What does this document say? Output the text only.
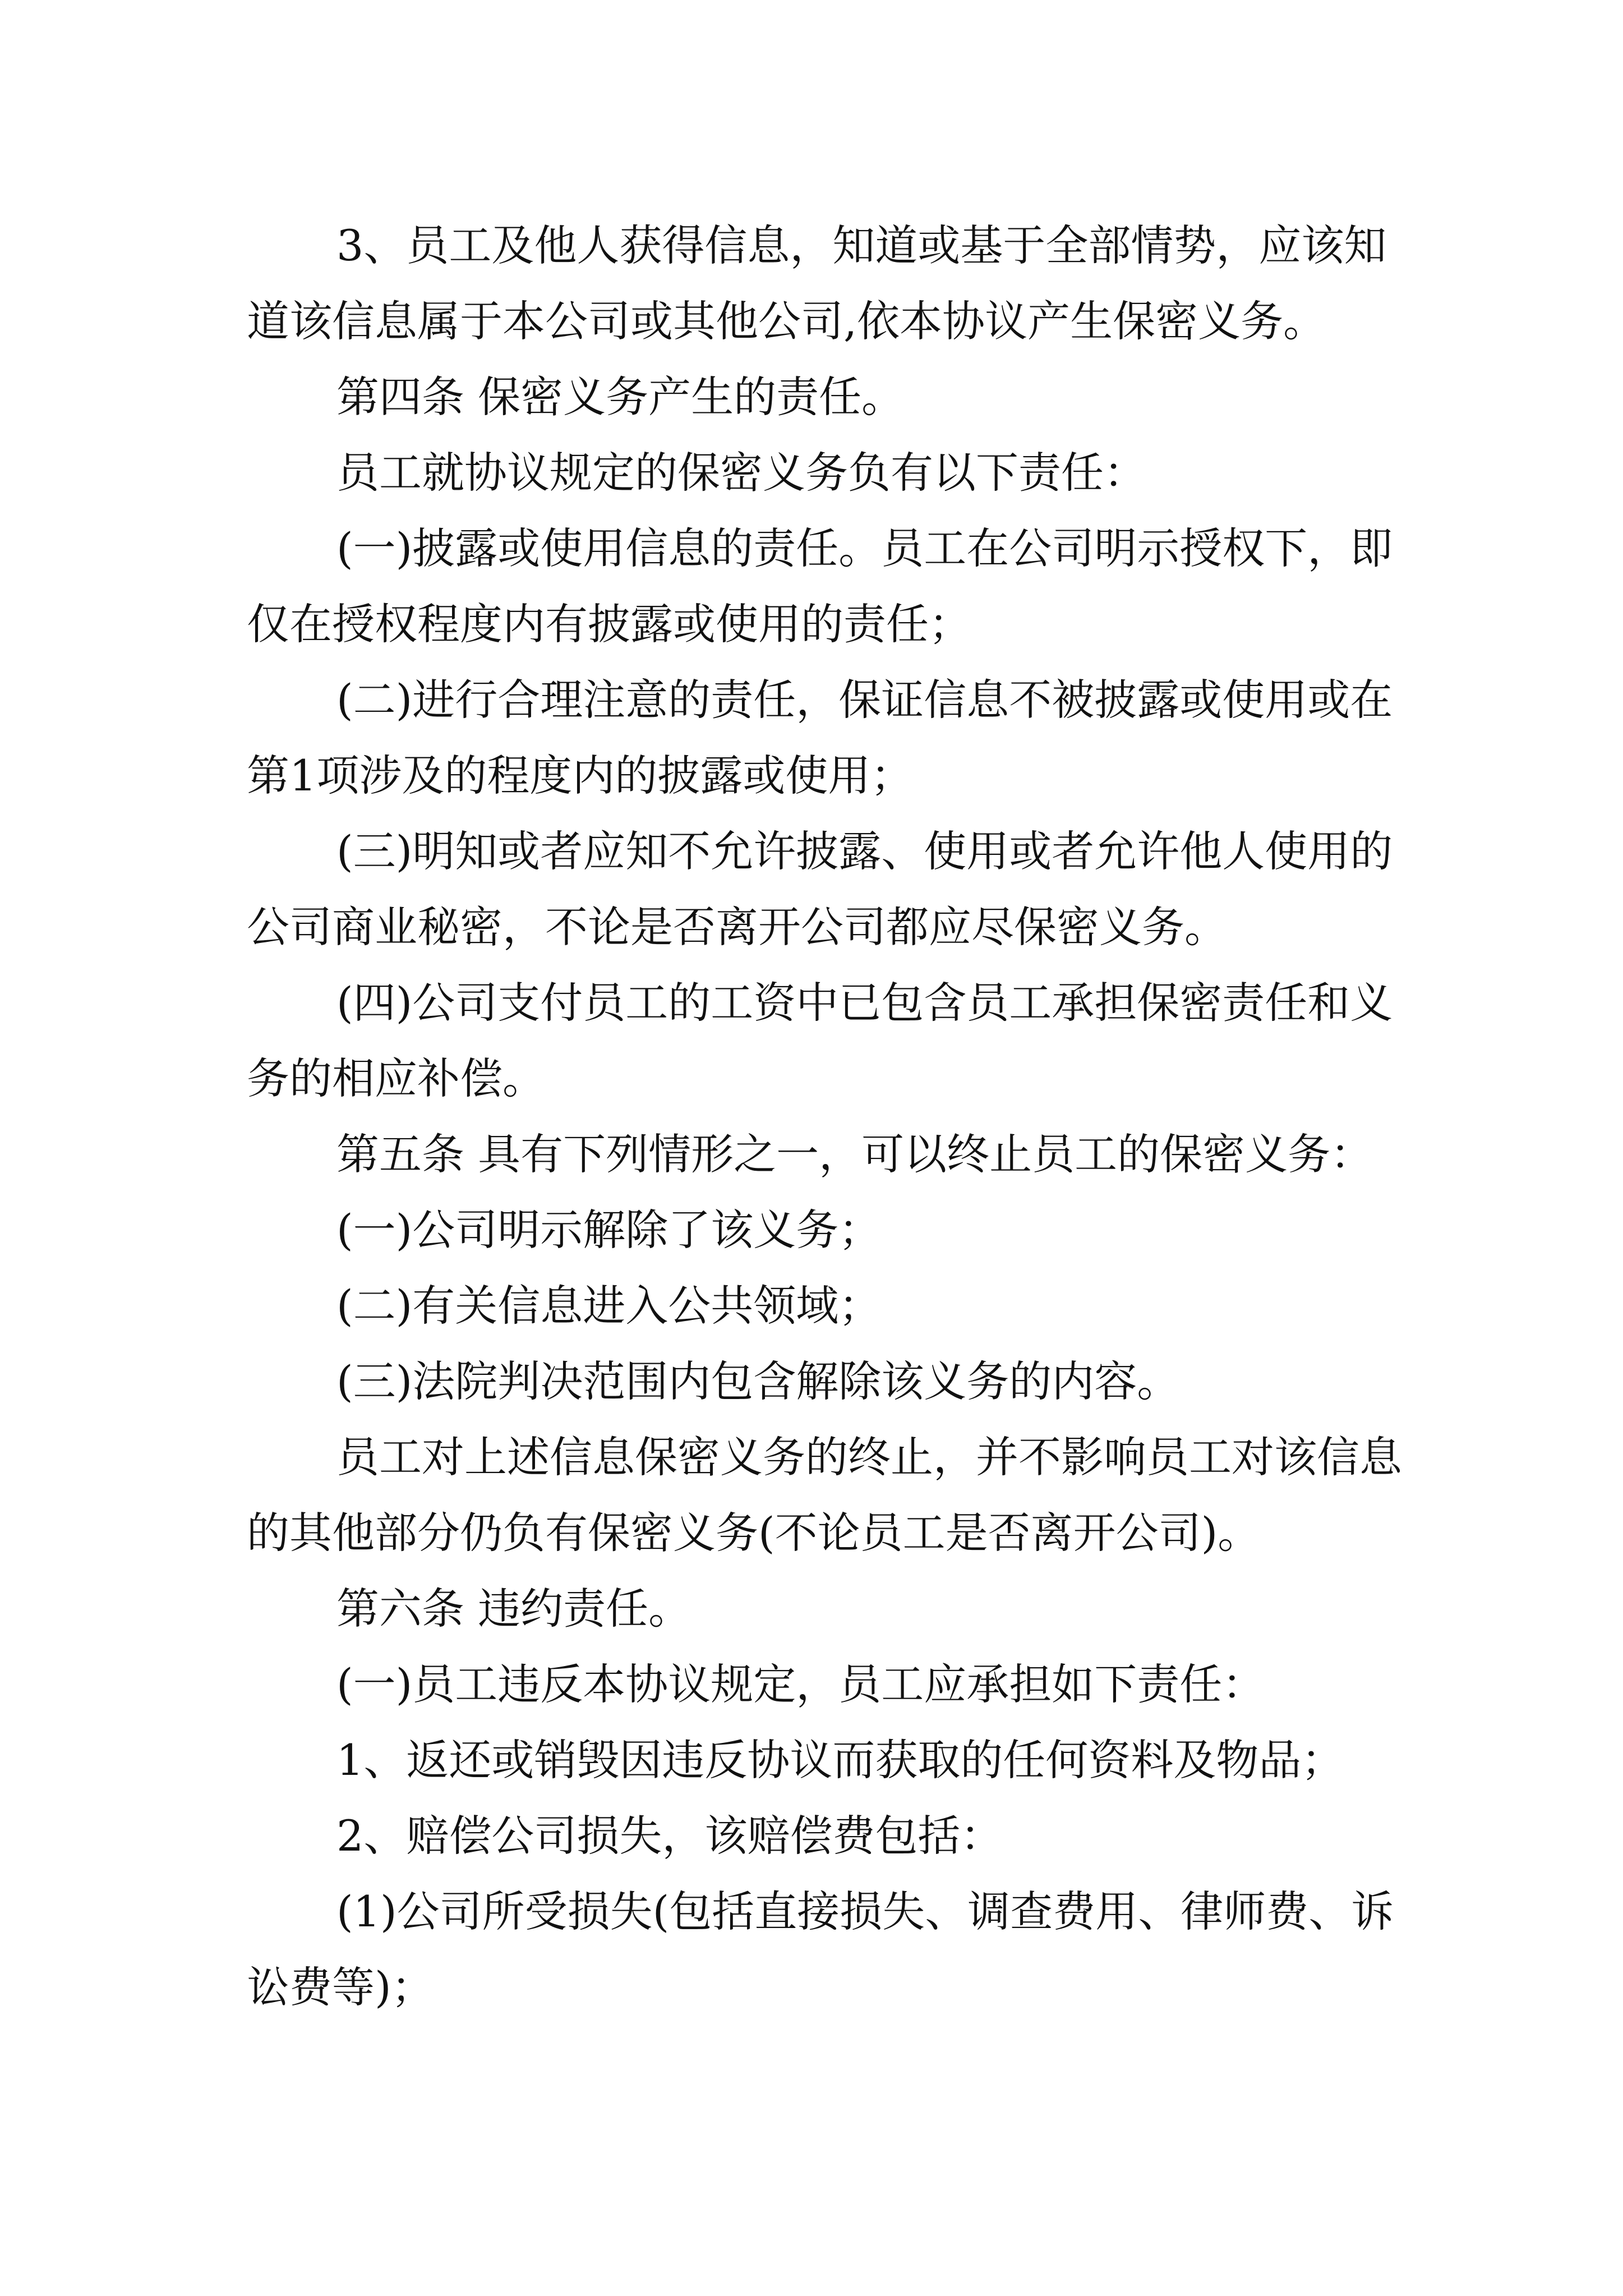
3、员工及他人获得信息，知道或基于全部情势，应该知道该信息属于本公司或其他公司,依本协议产生保密义务。

第四条 保密义务产生的责任。

员工就协议规定的保密义务负有以下责任：

(一)披露或使用信息的责任。员工在公司明示授权下，即仅在授权程度内有披露或使用的责任；

(二)进行合理注意的责任，保证信息不被披露或使用或在第1项涉及的程度内的披露或使用；

(三)明知或者应知不允许披露、使用或者允许他人使用的公司商业秘密，不论是否离开公司都应尽保密义务。

(四)公司支付员工的工资中已包含员工承担保密责任和义务的相应补偿。

第五条 具有下列情形之一，可以终止员工的保密义务：

(一)公司明示解除了该义务；

(二)有关信息进入公共领域；

(三)法院判决范围内包含解除该义务的内容。

员工对上述信息保密义务的终止，并不影响员工对该信息的其他部分仍负有保密义务(不论员工是否离开公司)。

第六条 违约责任。

(一)员工违反本协议规定，员工应承担如下责任：

1、返还或销毁因违反协议而获取的任何资料及物品；

2、赔偿公司损失，该赔偿费包括：

(1)公司所受损失(包括直接损失、调查费用、律师费、诉讼费等)；
